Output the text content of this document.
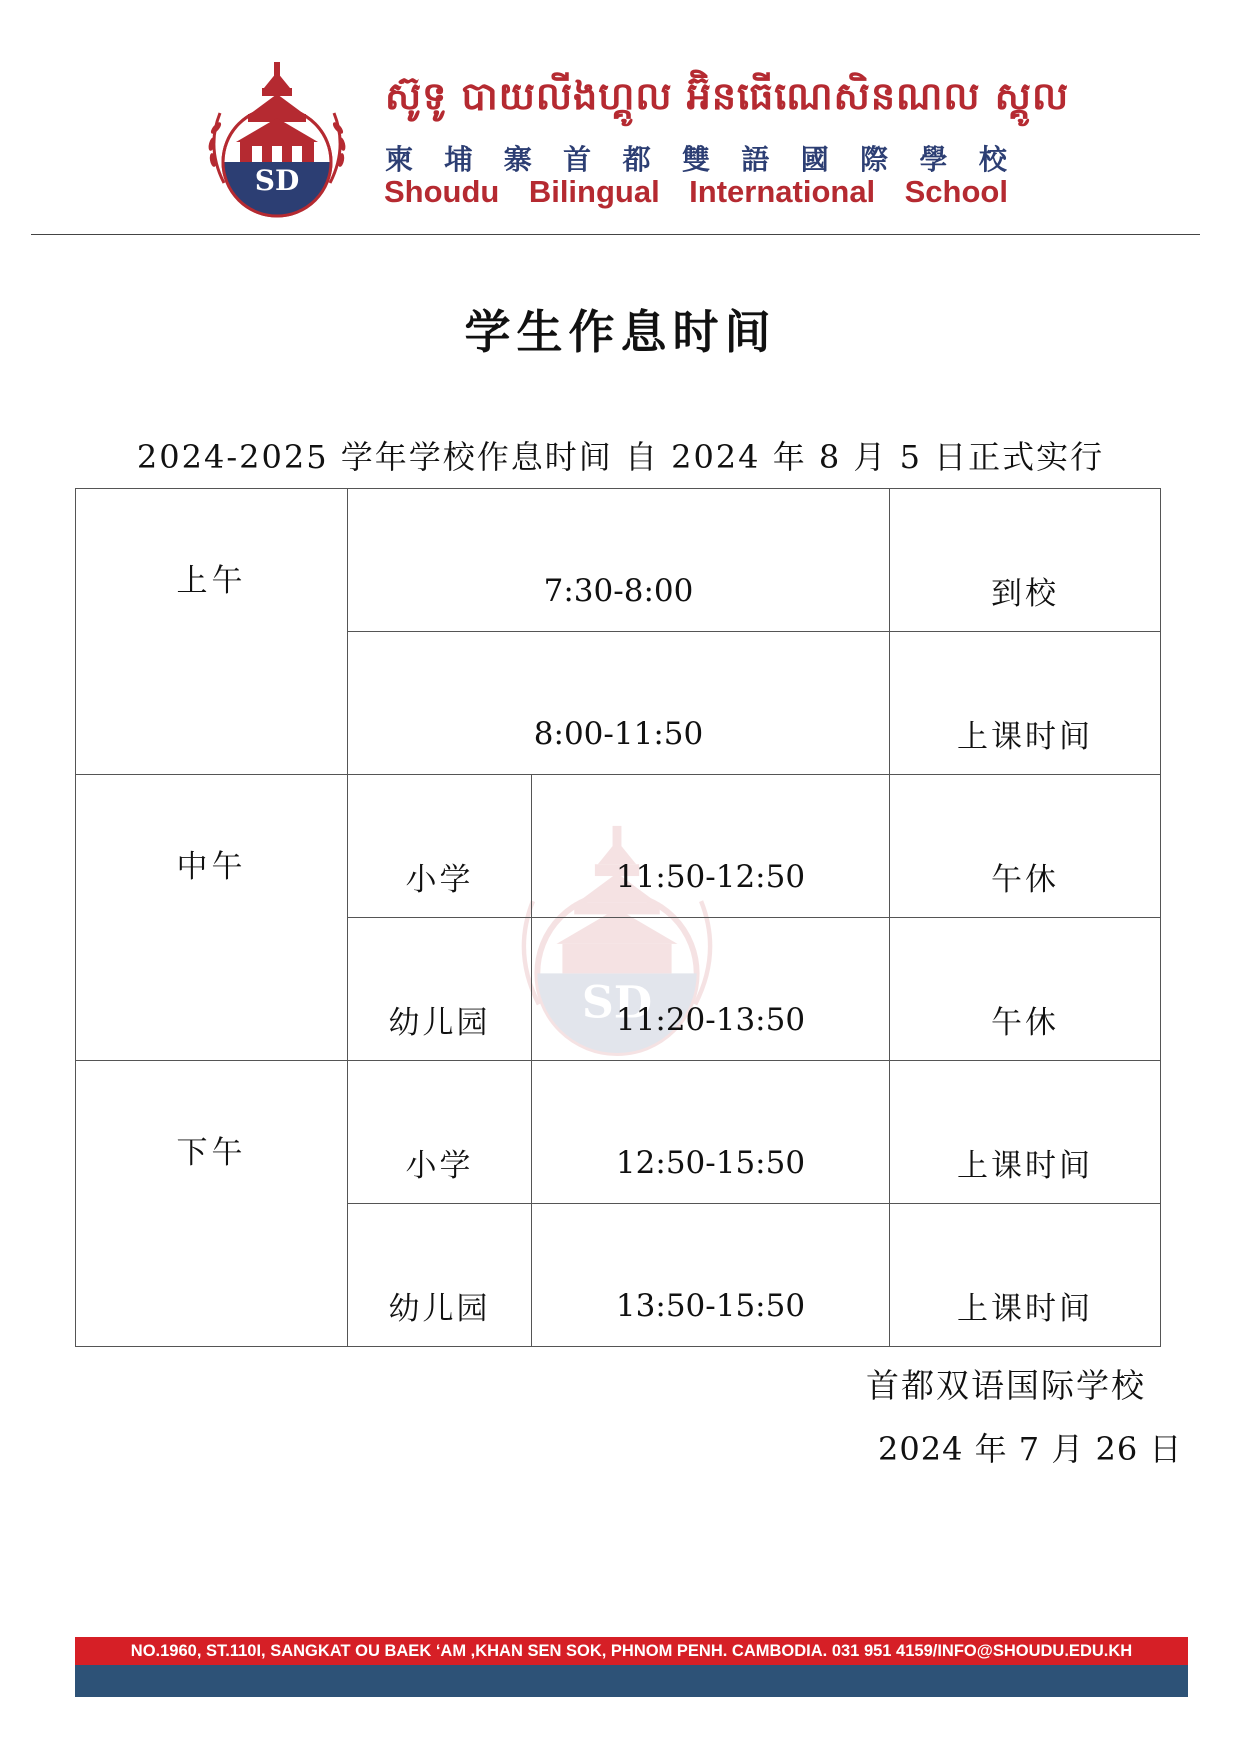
SD
ស៊ូទូ បាយលីងហ្គូល អ៊ិនធើណេសិនណល ស្គូល
柬 埔 寨 首 都 雙 語 國 際 學 校
Shoudu Bilingual International School
学生作息时间
2024-2025 学年学校作息时间 自 2024 年 8 月 5 日正式实行
SD
上午	7:30-8:00		到校
	8:00-11:50		上课时间
中午	小学	11:50-12:50	午休
	幼儿园	11:20-13:50	午休
下午	小学	12:50-15:50	上课时间
	幼儿园	13:50-15:50	上课时间
首都双语国际学校
2024 年 7 月 26 日
NO.1960, ST.110I, SANGKAT OU BAEK ‘AM ,KHAN SEN SOK, PHNOM PENH. CAMBODIA. 031 951 4159/INFO@SHOUDU.EDU.KH
